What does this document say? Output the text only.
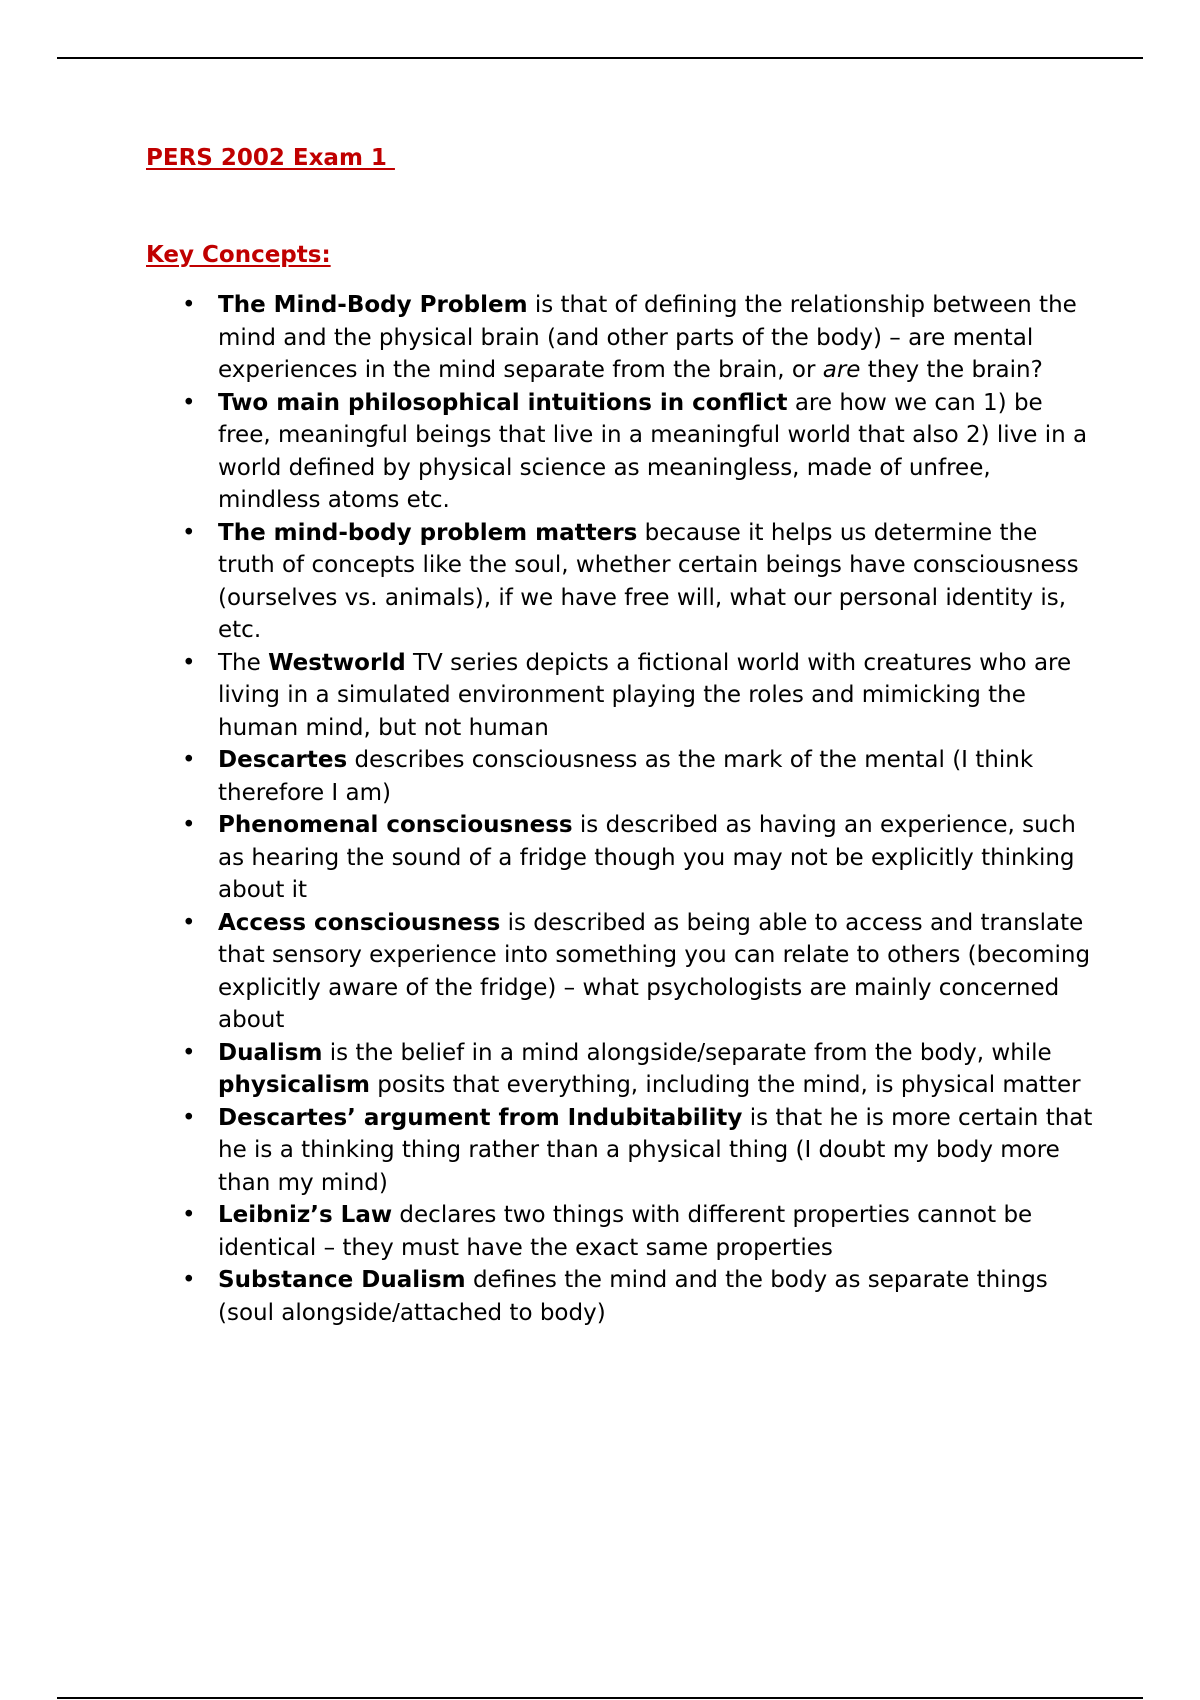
PERS 2002 Exam 1
Key Concepts:
• The Mind-Body Problem is that of defining the relationship between the mind and the physical brain (and other parts of the body) – are mental experiences in the mind separate from the brain, or are they the brain?
• Two main philosophical intuitions in conflict are how we can 1) be free, meaningful beings that live in a meaningful world that also 2) live in a world defined by physical science as meaningless, made of unfree, mindless atoms etc.
• The mind-body problem matters because it helps us determine the truth of concepts like the soul, whether certain beings have consciousness (ourselves vs. animals), if we have free will, what our personal identity is, etc.
• The Westworld TV series depicts a fictional world with creatures who are living in a simulated environment playing the roles and mimicking the human mind, but not human
• Descartes describes consciousness as the mark of the mental (I think therefore I am)
• Phenomenal consciousness is described as having an experience, such as hearing the sound of a fridge though you may not be explicitly thinking about it
• Access consciousness is described as being able to access and translate that sensory experience into something you can relate to others (becoming explicitly aware of the fridge) – what psychologists are mainly concerned about
• Dualism is the belief in a mind alongside/separate from the body, while physicalism posits that everything, including the mind, is physical matter
• Descartes’ argument from Indubitability is that he is more certain that he is a thinking thing rather than a physical thing (I doubt my body more than my mind)
• Leibniz’s Law declares two things with different properties cannot be identical – they must have the exact same properties
• Substance Dualism defines the mind and the body as separate things (soul alongside/attached to body)
